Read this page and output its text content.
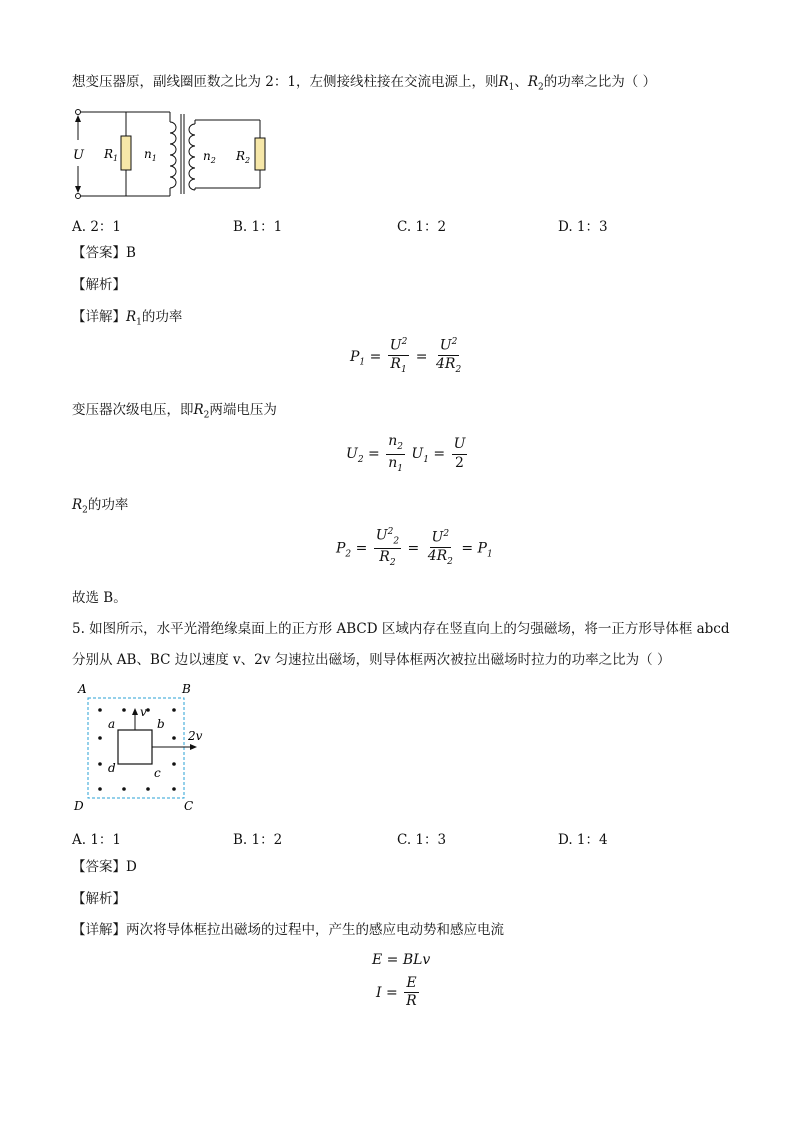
想变压器原，副线圈匝数之比为 2：1，左侧接线柱接在交流电源上，则$R_1$、$R_2$的功率之比为（ ）
U $R_1$ $n_1$	$n_2$ $R_2$
A. 2：1	B. 1：1	C. 1：2	D. 1：3
【答案】B
【解析】
【详解】$R_1$的功率
$P_1 = \frac{U^2}{R_1} = \frac{U^2}{4R_2}$
变压器次级电压，即$R_2$两端电压为
$U_2 = \frac{n_2}{n_1} U_1 = \frac{U}{2}$
$R_2$的功率
$P_2 = \frac{U^2_2}{R_2} = \frac{U^2}{4R_2} = P_1$
故选 B。
5. 如图所示，水平光滑绝缘桌面上的正方形 ABCD 区域内存在竖直向上的匀强磁场，将一正方形导体框 abcd
分别从 AB、BC 边以速度 v、2v 匀速拉出磁场，则导体框两次被拉出磁场时拉力的功率之比为（ ）
A	B
D	C
a	b
c
d
v
2v
A. 1：1	B. 1：2	C. 1：3	D. 1：4
【答案】D
【解析】
【详解】两次将导体框拉出磁场的过程中，产生的感应电动势和感应电流
E = BLv
$I = \frac{E}{R}$
